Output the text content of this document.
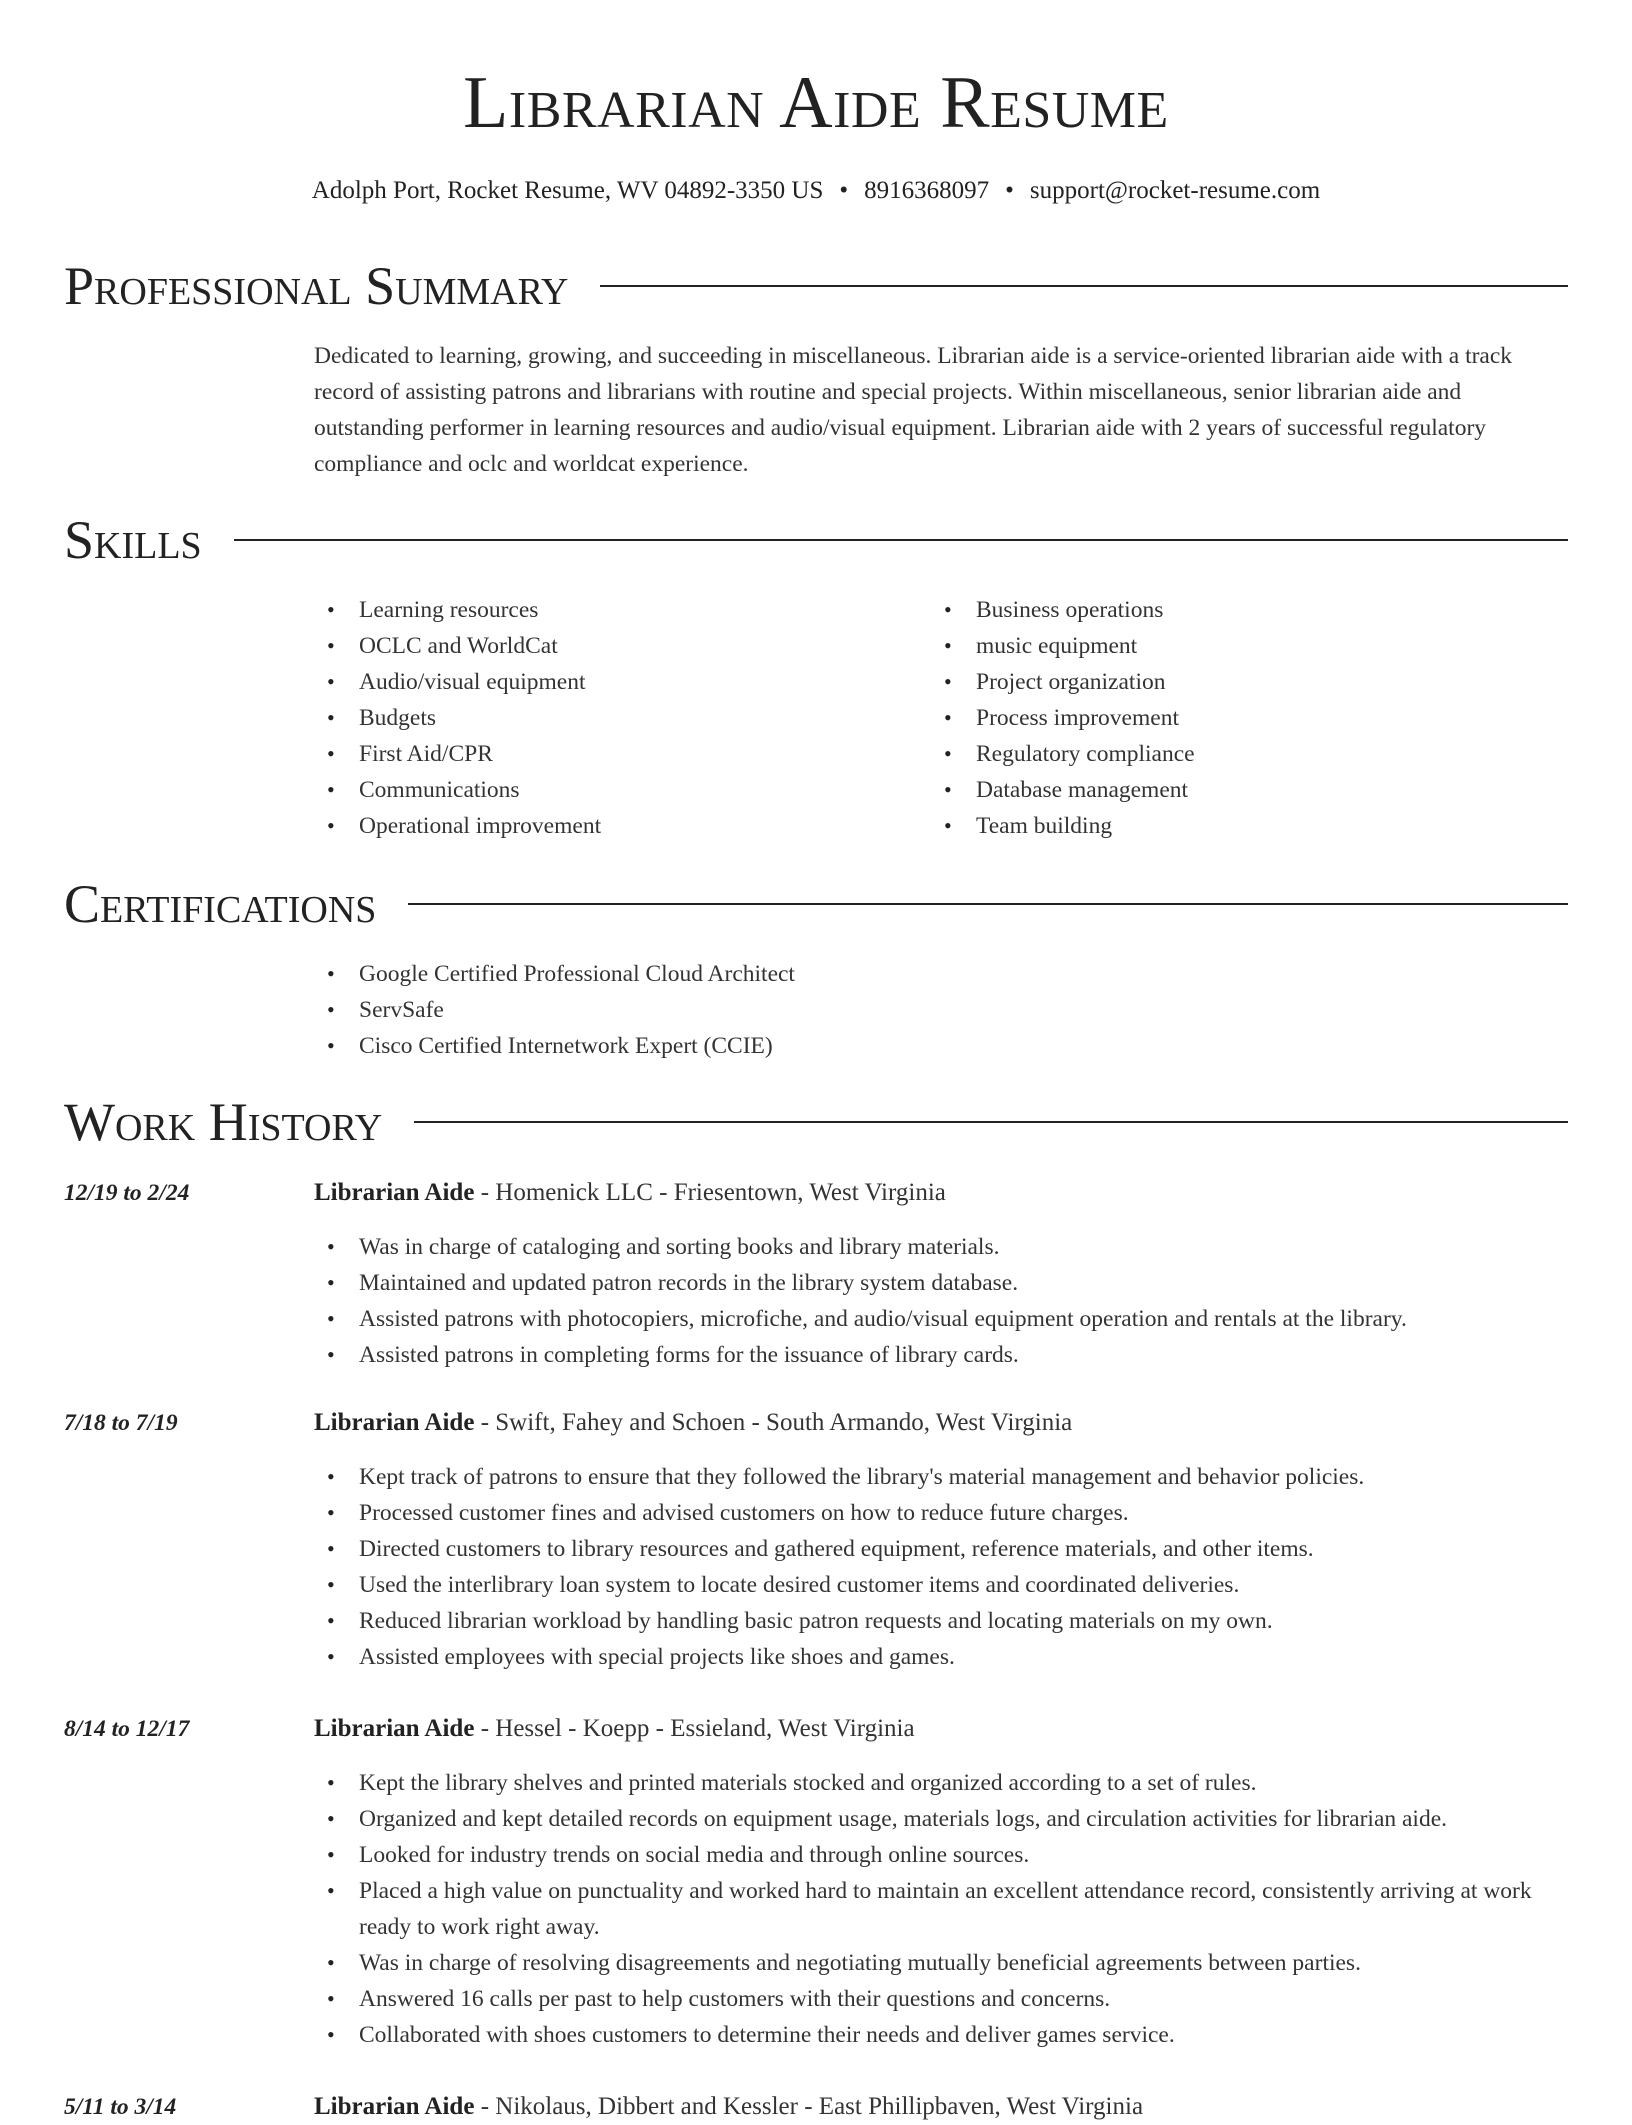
Librarian Aide Resume
Adolph Port, Rocket Resume, WV 04892-3350 US • 8916368097 • support@rocket-resume.com
Professional Summary
Dedicated to learning, growing, and succeeding in miscellaneous. Librarian aide is a service-oriented librarian aide with a track record of assisting patrons and librarians with routine and special projects. Within miscellaneous, senior librarian aide and outstanding performer in learning resources and audio/visual equipment. Librarian aide with 2 years of successful regulatory compliance and oclc and worldcat experience.
Skills
• Learning resources
• OCLC and WorldCat
• Audio/visual equipment
• Budgets
• First Aid/CPR
• Communications
• Operational improvement
• Business operations
• music equipment
• Project organization
• Process improvement
• Regulatory compliance
• Database management
• Team building
Certifications
• Google Certified Professional Cloud Architect
• ServSafe
• Cisco Certified Internetwork Expert (CCIE)
Work History
12/19 to 2/24	Librarian Aide - Homenick LLC - Friesentown, West Virginia
• Was in charge of cataloging and sorting books and library materials.
• Maintained and updated patron records in the library system database.
• Assisted patrons with photocopiers, microfiche, and audio/visual equipment operation and rentals at the library.
• Assisted patrons in completing forms for the issuance of library cards.
7/18 to 7/19	Librarian Aide - Swift, Fahey and Schoen - South Armando, West Virginia
• Kept track of patrons to ensure that they followed the library's material management and behavior policies.
• Processed customer fines and advised customers on how to reduce future charges.
• Directed customers to library resources and gathered equipment, reference materials, and other items.
• Used the interlibrary loan system to locate desired customer items and coordinated deliveries.
• Reduced librarian workload by handling basic patron requests and locating materials on my own.
• Assisted employees with special projects like shoes and games.
8/14 to 12/17	Librarian Aide - Hessel - Koepp - Essieland, West Virginia
• Kept the library shelves and printed materials stocked and organized according to a set of rules.
• Organized and kept detailed records on equipment usage, materials logs, and circulation activities for librarian aide.
• Looked for industry trends on social media and through online sources.
• Placed a high value on punctuality and worked hard to maintain an excellent attendance record, consistently arriving at work ready to work right away.
• Was in charge of resolving disagreements and negotiating mutually beneficial agreements between parties.
• Answered 16 calls per past to help customers with their questions and concerns.
• Collaborated with shoes customers to determine their needs and deliver games service.
5/11 to 3/14	Librarian Aide - Nikolaus, Dibbert and Kessler - East Phillipbaven, West Virginia
